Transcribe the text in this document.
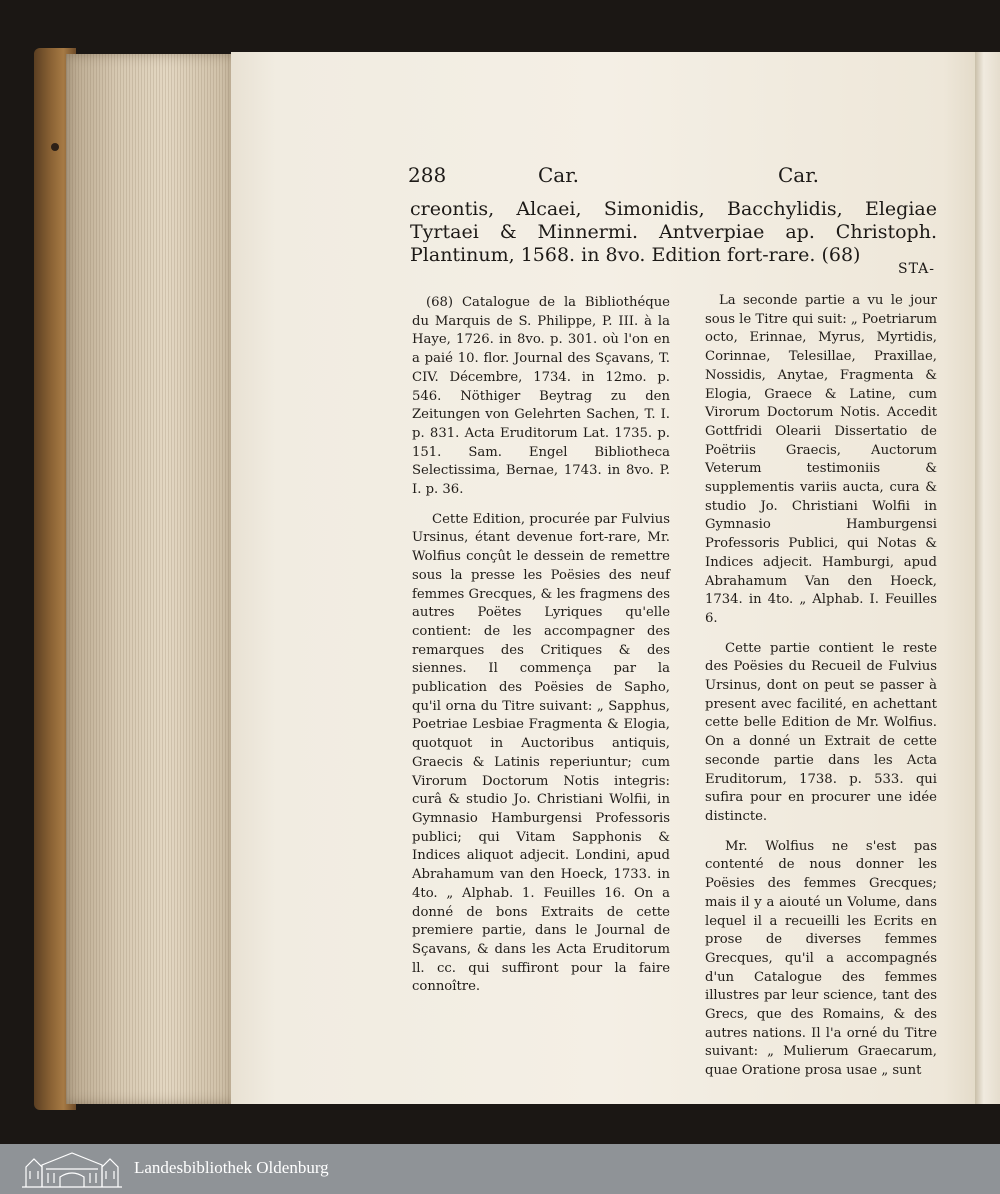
288	Car.	Car.
creontis, Alcaei, Simonidis, Bacchylidis, Elegiae Tyrtaei & Minnermi. Antverpiae ap. Christoph. Plantinum, 1568. in 8vo. Edition fort-rare. (68)
STA-

(68) Catalogue de la Bibliothéque du Marquis de S. Philippe, P. III. à la Haye, 1726. in 8vo. p. 301. où l'on en a paié 10. flor. Journal des Sçavans, T. CIV. Décembre, 1734. in 12mo. p. 546. Nöthiger Beytrag zu den Zeitungen von Gelehrten Sachen, T. I. p. 831. Acta Eruditorum Lat. 1735. p. 151. Sam. Engel Bibliotheca Selectissima, Bernae, 1743. in 8vo. P. I. p. 36.

Cette Edition, procurée par Fulvius Ursinus, étant devenue fort-rare, Mr. Wolfius conçût le dessein de remettre sous la presse les Poësies des neuf femmes Grecques, & les fragmens des autres Poëtes Lyriques qu'elle contient: de les accompagner des remarques des Critiques & des siennes. Il commença par la publication des Poësies de Sapho, qu'il orna du Titre suivant: „ Sapphus, Poetriae Lesbiae Fragmenta & Elogia, quotquot in Auctoribus antiquis, Graecis & Latinis reperiuntur; cum Virorum Doctorum Notis integris: curâ & studio Jo. Christiani Wolfii, in Gymnasio Hamburgensi Professoris publici; qui Vitam Sapphonis & Indices aliquot adjecit. Londini, apud Abrahamum van den Hoeck, 1733. in 4to. „ Alphab. 1. Feuilles 16. On a donné de bons Extraits de cette premiere partie, dans le Journal de Sçavans, & dans les Acta Eruditorum ll. cc. qui suffiront pour la faire connoître.

La seconde partie a vu le jour sous le Titre qui suit: „ Poetriarum octo, Erinnae, Myrus, Myrtidis, Corinnae, Telesillae, Praxillae, Nossidis, Anytae, Fragmenta & Elogia, Graece & Latine, cum Virorum Doctorum Notis. Accedit Gottfridi Olearii Dissertatio de Poëtriis Graecis, Auctorum Veterum testimoniis & supplementis variis aucta, cura & studio Jo. Christiani Wolfii in Gymnasio Hamburgensi Professoris Publici, qui Notas & Indices adjecit. Hamburgi, apud Abrahamum Van den Hoeck, 1734. in 4to. „ Alphab. I. Feuilles 6.

Cette partie contient le reste des Poësies du Recueil de Fulvius Ursinus, dont on peut se passer à present avec facilité, en achettant cette belle Edition de Mr. Wolfius. On a donné un Extrait de cette seconde partie dans les Acta Eruditorum, 1738. p. 533. qui sufira pour en procurer une idée distincte.

Mr. Wolfius ne s'est pas contenté de nous donner les Poësies des femmes Grecques; mais il y a aiouté un Volume, dans lequel il a recueilli les Ecrits en prose de diverses femmes Grecques, qu'il a accompagnés d'un Catalogue des femmes illustres par leur science, tant des Grecs, que des Romains, & des autres nations. Il l'a orné du Titre suivant: „ Mulierum Graecarum, quae Oratione prosa usae „ sunt

Landesbibliothek Oldenburg
